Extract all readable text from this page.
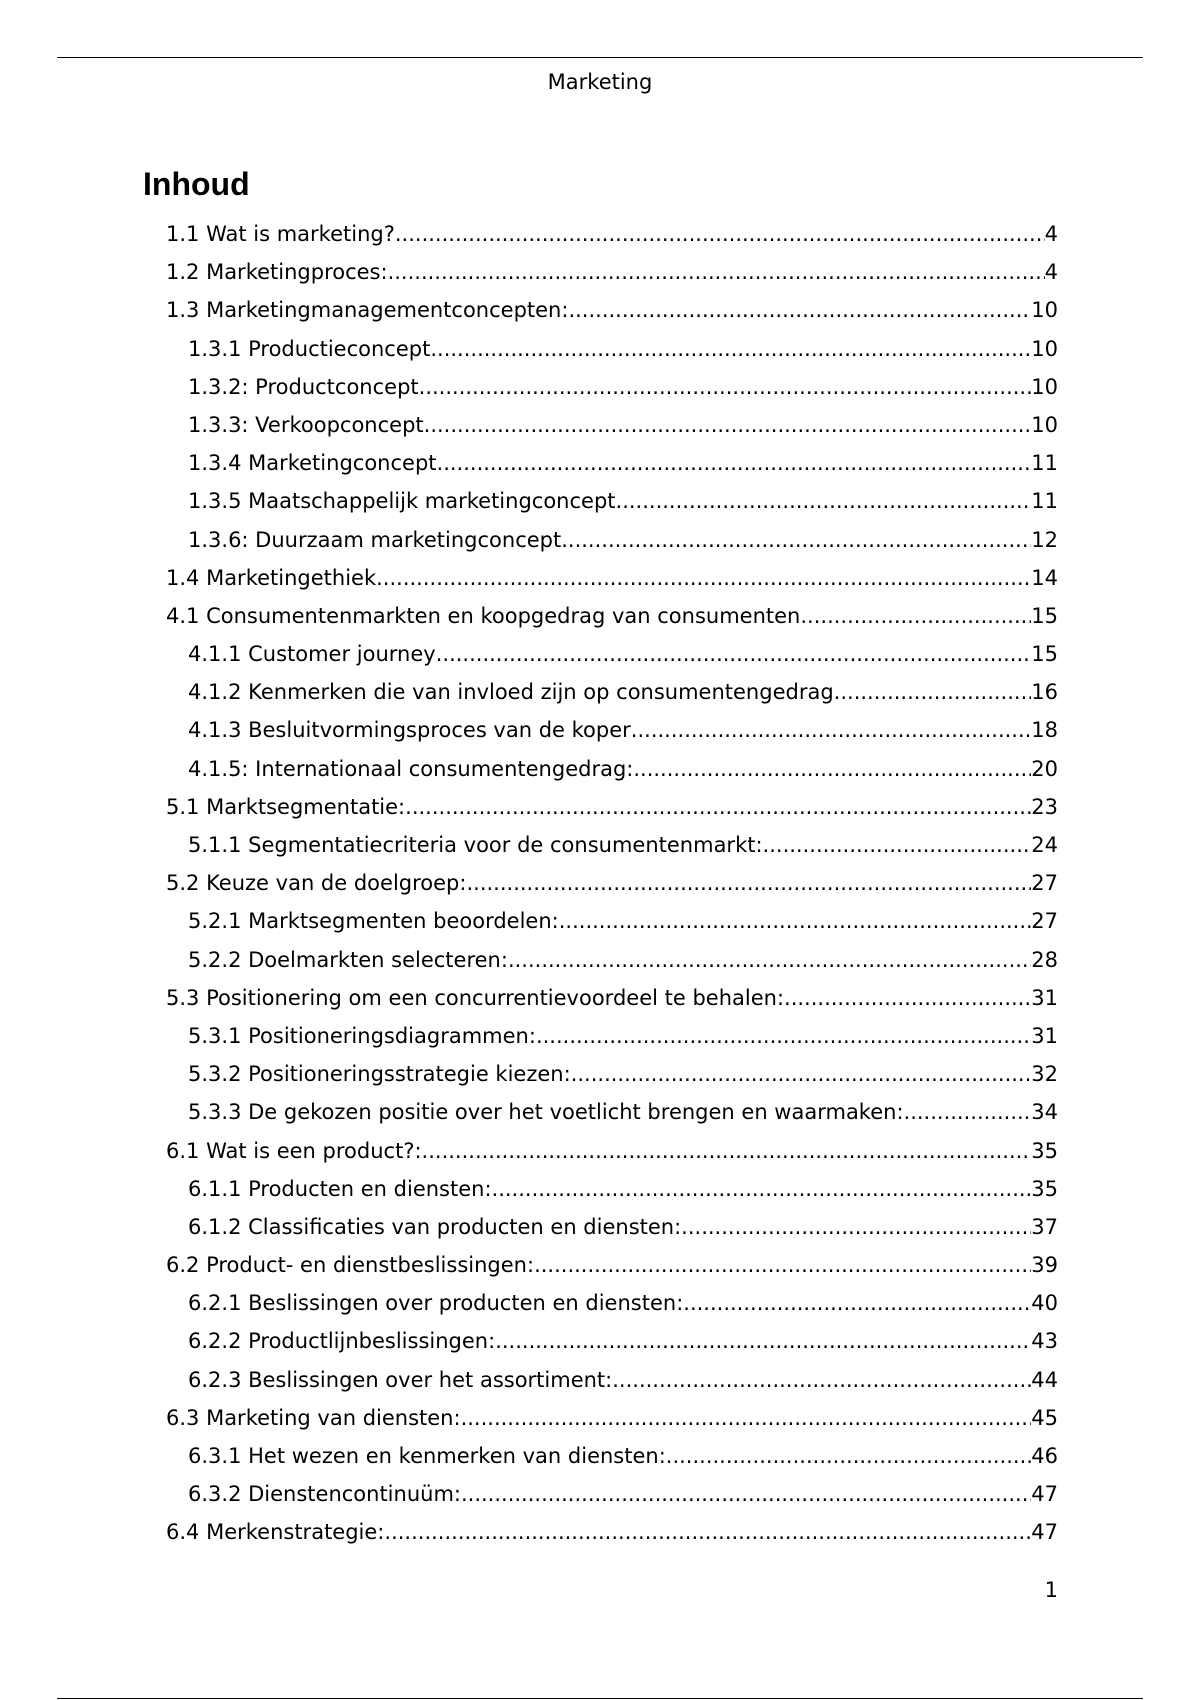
Marketing
Inhoud
1.1 Wat is marketing? .....	4
1.2 Marketingproces: .....	4
1.3 Marketingmanagementconcepten: .....	10
1.3.1 Productieconcept .....	10
1.3.2: Productconcept .....	10
1.3.3: Verkoopconcept .....	10
1.3.4 Marketingconcept .....	11
1.3.5 Maatschappelijk marketingconcept .....	11
1.3.6: Duurzaam marketingconcept .....	12
1.4 Marketingethiek .....	14
4.1 Consumentenmarkten en koopgedrag van consumenten .....	15
4.1.1 Customer journey .....	15
4.1.2 Kenmerken die van invloed zijn op consumentengedrag .....	16
4.1.3 Besluitvormingsproces van de koper .....	18
4.1.5: Internationaal consumentengedrag: .....	20
5.1 Marktsegmentatie: .....	23
5.1.1 Segmentatiecriteria voor de consumentenmarkt: .....	24
5.2 Keuze van de doelgroep: .....	27
5.2.1 Marktsegmenten beoordelen: .....	27
5.2.2 Doelmarkten selecteren: .....	28
5.3 Positionering om een concurrentievoordeel te behalen: .....	31
5.3.1 Positioneringsdiagrammen: .....	31
5.3.2 Positioneringsstrategie kiezen: .....	32
5.3.3 De gekozen positie over het voetlicht brengen en waarmaken: .....	34
6.1 Wat is een product?: .....	35
6.1.1 Producten en diensten: .....	35
6.1.2 Classificaties van producten en diensten: .....	37
6.2 Product- en dienstbeslissingen: .....	39
6.2.1 Beslissingen over producten en diensten: .....	40
6.2.2 Productlijnbeslissingen: .....	43
6.2.3 Beslissingen over het assortiment: .....	44
6.3 Marketing van diensten: .....	45
6.3.1 Het wezen en kenmerken van diensten: .....	46
6.3.2 Dienstencontinuüm: .....	47
6.4 Merkenstrategie: .....	47
1
